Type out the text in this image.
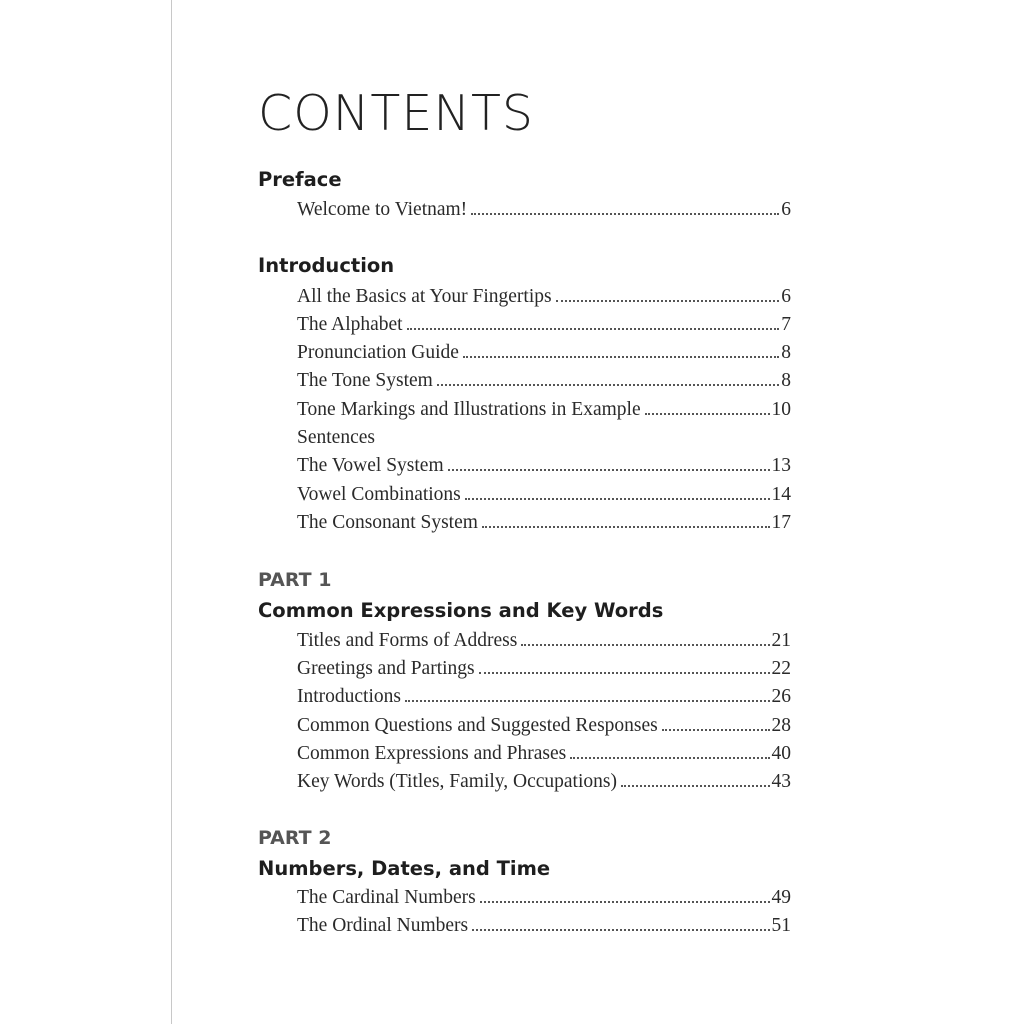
CONTENTS
Preface
Welcome to Vietnam!	6
Introduction
All the Basics at Your Fingertips	6
The Alphabet	7
Pronunciation Guide	8
The Tone System	8
Tone Markings and Illustrations in Example	10
Sentences
The Vowel System	13
Vowel Combinations	14
The Consonant System	17
PART 1
Common Expressions and Key Words
Titles and Forms of Address	21
Greetings and Partings	22
Introductions	26
Common Questions and Suggested Responses	28
Common Expressions and Phrases	40
Key Words (Titles, Family, Occupations)	43
PART 2
Numbers, Dates, and Time
The Cardinal Numbers	49
The Ordinal Numbers	51
